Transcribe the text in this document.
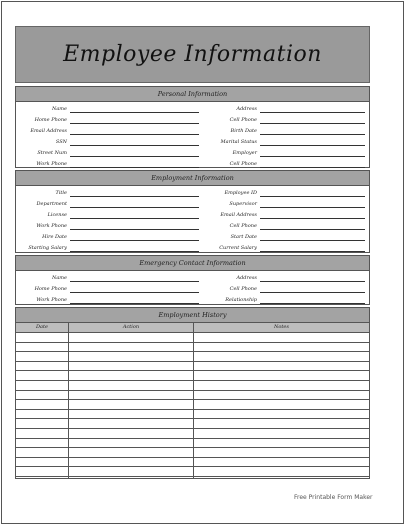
Employee Information
Personal Information
Name	Address
Home Phone	Cell Phone
Email Address	Birth Date
SSN	Marital Status
Street Num	Employer
Work Phone	Cell Phone
Employment Information
Title	Employee ID
Department	Supervisor
License	Email Address
Work Phone	Cell Phone
Hire Date	Start Date
Starting Salary	Current Salary
Emergency Contact Information
Name	Address
Home Phone	Cell Phone
Work Phone	Relationship
Employment History
Date	Action	Notes
Free Printable Form Maker
